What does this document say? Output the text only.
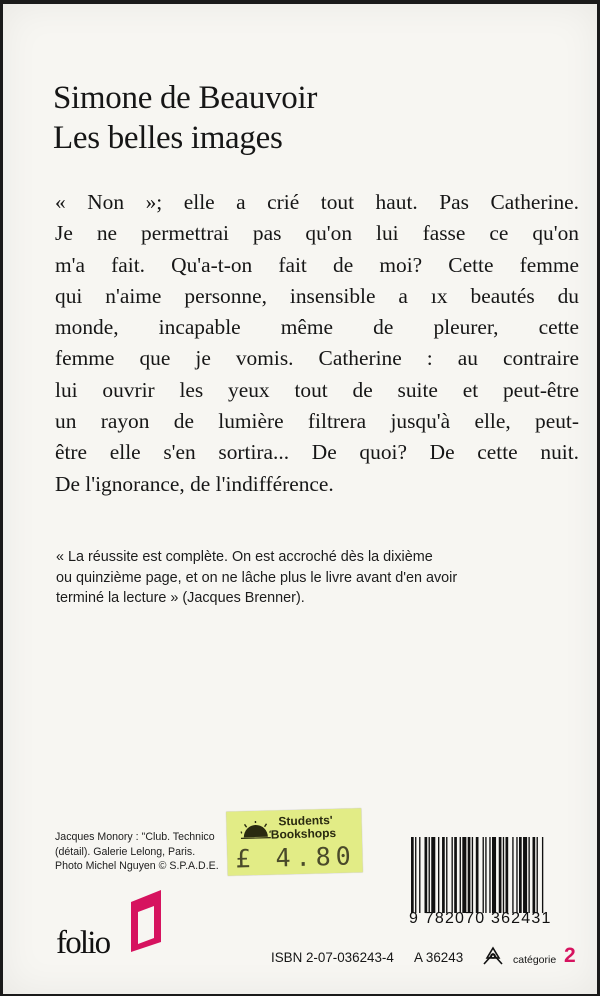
Simone de Beauvoir
Les belles images
« Non »; elle a crié tout haut. Pas Catherine.
Je ne permettrai pas qu'on lui fasse ce qu'on
m'a fait. Qu'a-t-on fait de moi? Cette femme
qui n'aime personne, insensible a ıx beautés du
monde, incapable même de pleurer, cette
femme que je vomis. Catherine : au contraire
lui ouvrir les yeux tout de suite et peut-être
un rayon de lumière filtrera jusqu'à elle, peut-
être elle s'en sortira... De quoi? De cette nuit.
De l'ignorance, de l'indifférence.
« La réussite est complète. On est accroché dès la dixième
ou quinzième page, et on ne lâche plus le livre avant d'en avoir
terminé la lecture » (Jacques Brenner).
Jacques Monory : "Club. Technico
(détail). Galerie Lelong, Paris.
Photo Michel Nguyen © S.P.A.D.E.
Students'
Bookshops
£ 4.80
9 782070 362431
folio	ISBN 2-07-036243-4 A 36243	catégorie 2
